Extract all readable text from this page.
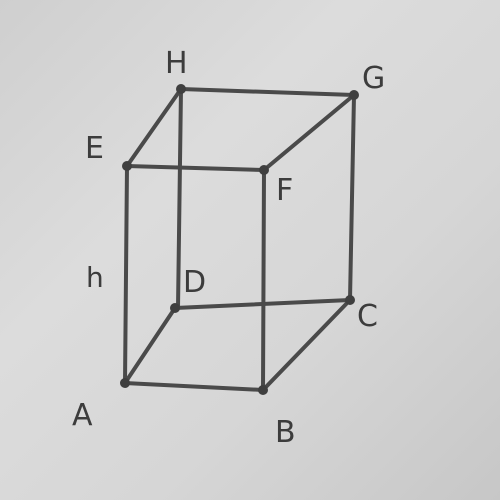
A	B
C
D
E
F
G
H
h
